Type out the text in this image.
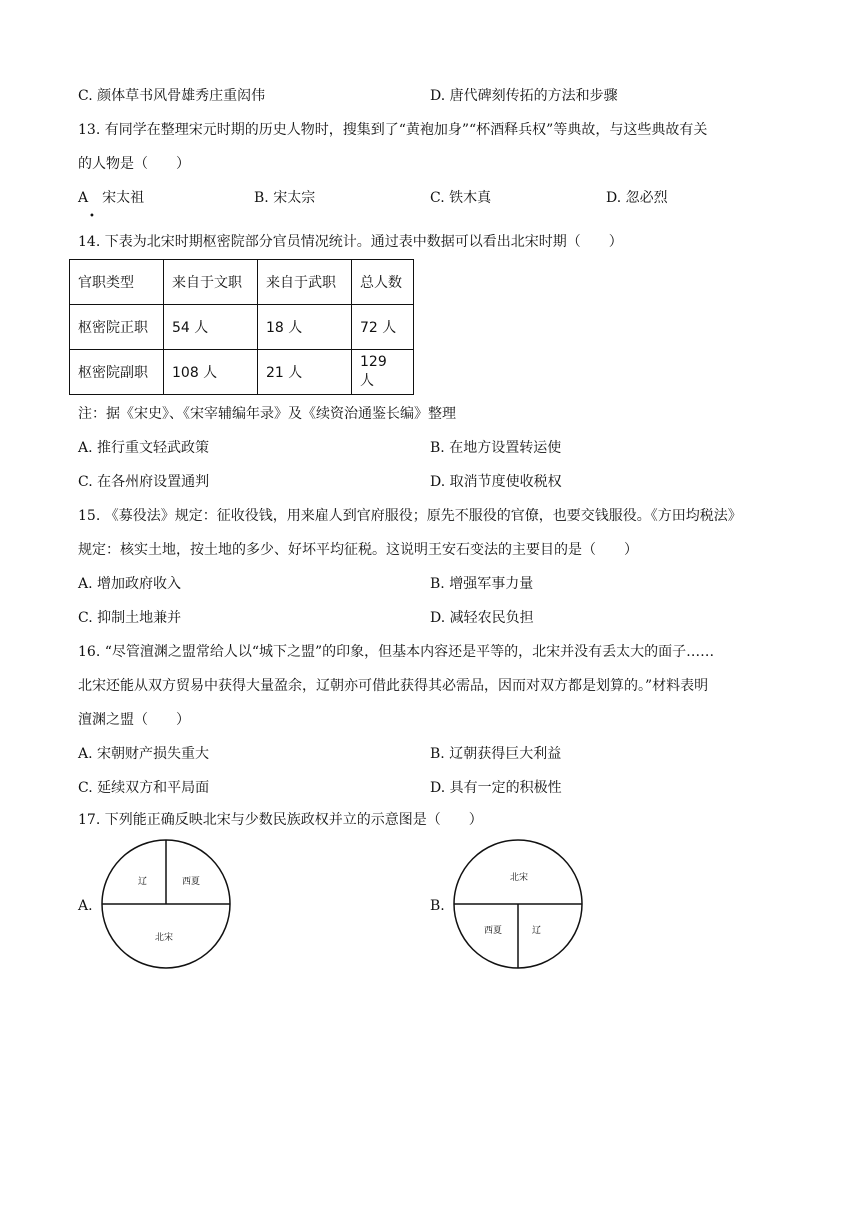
C. 颜体草书风骨雄秀庄重闳伟	D. 唐代碑刻传拓的方法和步骤
13. 有同学在整理宋元时期的历史人物时，搜集到了“黄袍加身”“杯酒释兵权”等典故，与这些典故有关
的人物是（　　）
A　宋太祖
•
B. 宋太宗	C. 铁木真	D. 忽必烈
14. 下表为北宋时期枢密院部分官员情况统计。通过表中数据可以看出北宋时期（　　）
官职类型	来自于文职	来自于武职	总人数
枢密院正职	54 人	18 人	72 人
枢密院副职	108 人	21 人	129 人
注：据《宋史》、《宋宰辅编年录》及《续资治通鉴长编》整理
A. 推行重文轻武政策	B. 在地方设置转运使
C. 在各州府设置通判	D. 取消节度使收税权
15. 《募役法》规定：征收役钱，用来雇人到官府服役；原先不服役的官僚，也要交钱服役。《方田均税法》
规定：核实土地，按土地的多少、好坏平均征税。这说明王安石变法的主要目的是（　　）
A. 增加政府收入	B. 增强军事力量
C. 抑制土地兼并	D. 减轻农民负担
16. “尽管澶渊之盟常给人以“城下之盟”的印象，但基本内容还是平等的，北宋并没有丢太大的面子……
北宋还能从双方贸易中获得大量盈余，辽朝亦可借此获得其必需品，因而对双方都是划算的。”材料表明
澶渊之盟（　　）
A. 宋朝财产损失重大	B. 辽朝获得巨大利益
C. 延续双方和平局面	D. 具有一定的积极性
17. 下列能正确反映北宋与少数民族政权并立的示意图是（　　）
A.	B.
辽	西夏
北宋
北宋
西夏	辽
